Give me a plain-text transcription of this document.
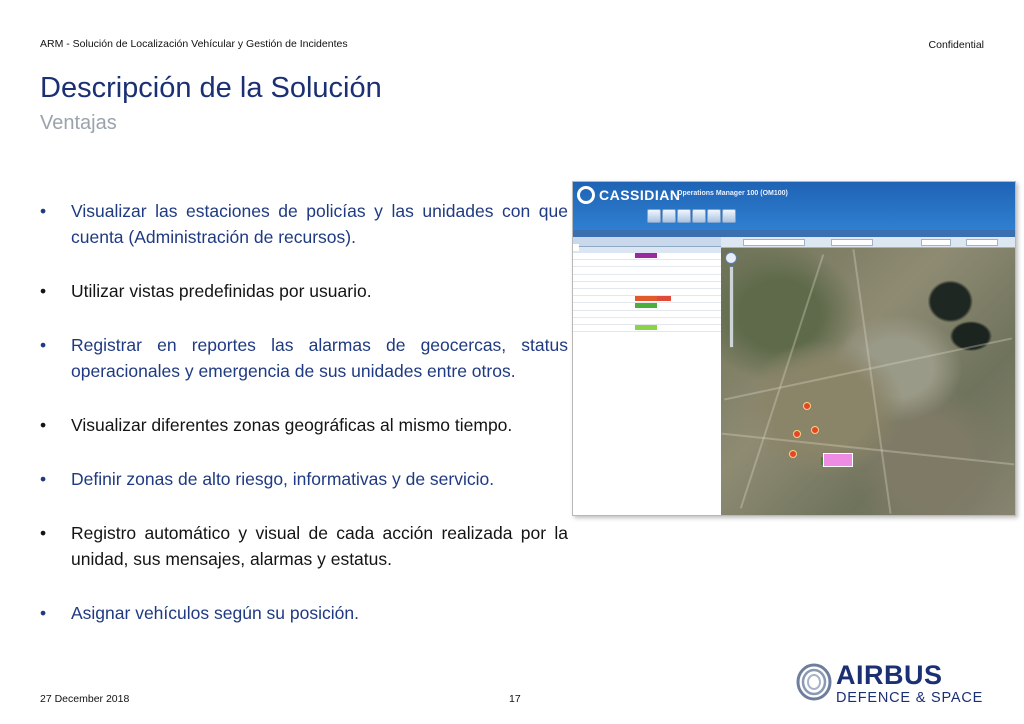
ARM - Solución de Localización Vehícular y Gestión de Incidentes	Confidential
Descripción de la Solución
Ventajas
• Visualizar las estaciones de policías y las unidades con que cuenta (Administración de recursos).
• Utilizar vistas predefinidas por usuario.
• Registrar en reportes las alarmas de geocercas, status operacionales y emergencia de sus unidades entre otros.
• Visualizar diferentes zonas geográficas al mismo tiempo.
• Definir zonas de alto riesgo, informativas y de servicio.
• Registro automático y visual de cada acción realizada por la unidad, sus mensajes, alarmas y estatus.
• Asignar vehículos según su posición.
CASSIDIAN
Operations Manager 100 (OM100)

27 December 2018	17
AIRBUS
DEFENCE & SPACE
